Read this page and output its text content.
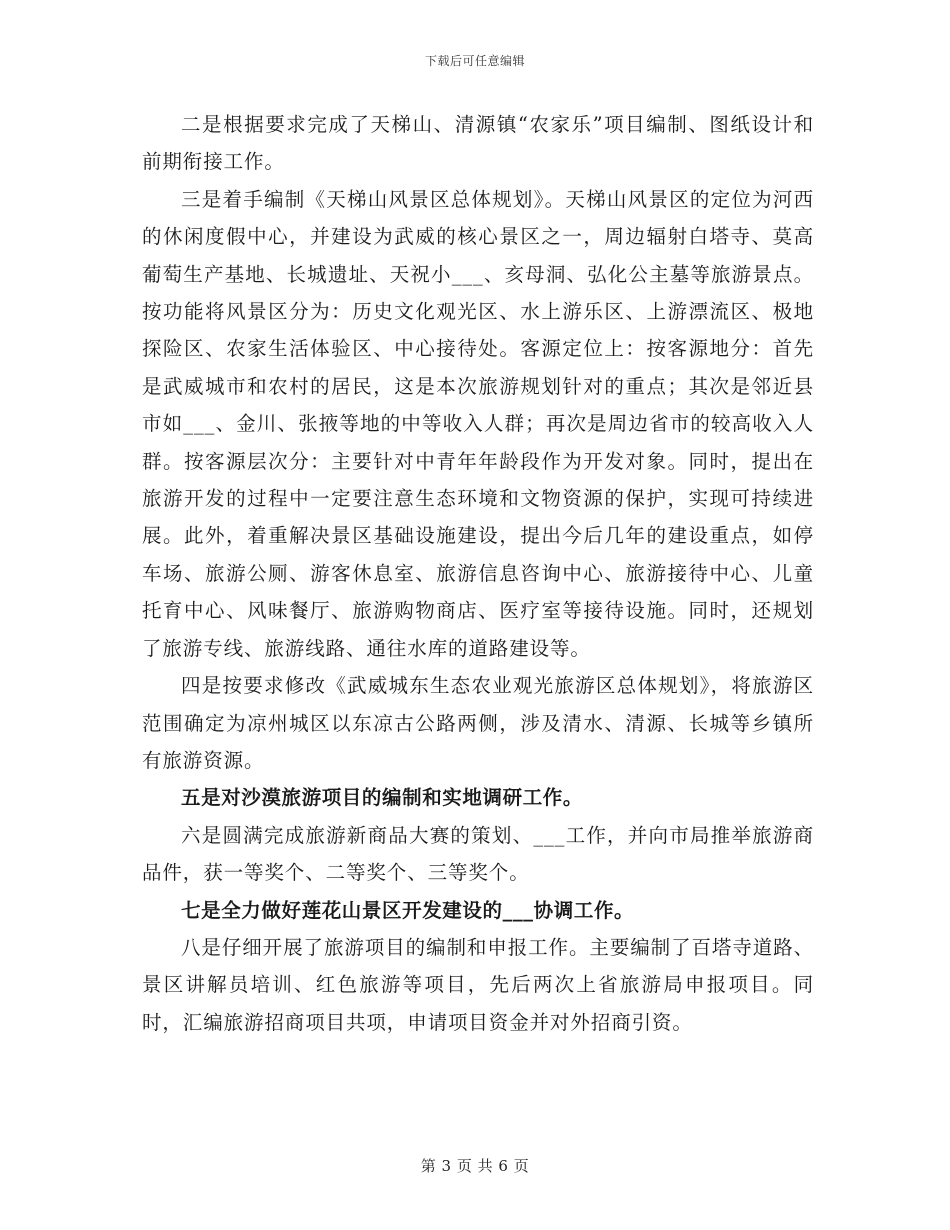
下载后可任意编辑

二是根据要求完成了天梯山、清源镇“农家乐”项目编制、图纸设计和前期衔接工作。

三是着手编制《天梯山风景区总体规划》。天梯山风景区的定位为河西的休闲度假中心，并建设为武威的核心景区之一，周边辐射白塔寺、莫高葡萄生产基地、长城遗址、天祝小___、亥母洞、弘化公主墓等旅游景点。按功能将风景区分为：历史文化观光区、水上游乐区、上游漂流区、极地探险区、农家生活体验区、中心接待处。客源定位上：按客源地分：首先是武威城市和农村的居民，这是本次旅游规划针对的重点；其次是邻近县市如___、金川、张掖等地的中等收入人群；再次是周边省市的较高收入人群。按客源层次分：主要针对中青年年龄段作为开发对象。同时，提出在旅游开发的过程中一定要注意生态环境和文物资源的保护，实现可持续进展。此外，着重解决景区基础设施建设，提出今后几年的建设重点，如停车场、旅游公厕、游客休息室、旅游信息咨询中心、旅游接待中心、儿童托育中心、风味餐厅、旅游购物商店、医疗室等接待设施。同时，还规划了旅游专线、旅游线路、通往水库的道路建设等。

四是按要求修改《武威城东生态农业观光旅游区总体规划》，将旅游区范围确定为凉州城区以东凉古公路两侧，涉及清水、清源、长城等乡镇所有旅游资源。

五是对沙漠旅游项目的编制和实地调研工作。

六是圆满完成旅游新商品大赛的策划、___工作，并向市局推举旅游商品件，获一等奖个、二等奖个、三等奖个。

七是全力做好莲花山景区开发建设的___协调工作。

八是仔细开展了旅游项目的编制和申报工作。主要编制了百塔寺道路、景区讲解员培训、红色旅游等项目，先后两次上省旅游局申报项目。同时，汇编旅游招商项目共项，申请项目资金并对外招商引资。

第 3 页 共 6 页
